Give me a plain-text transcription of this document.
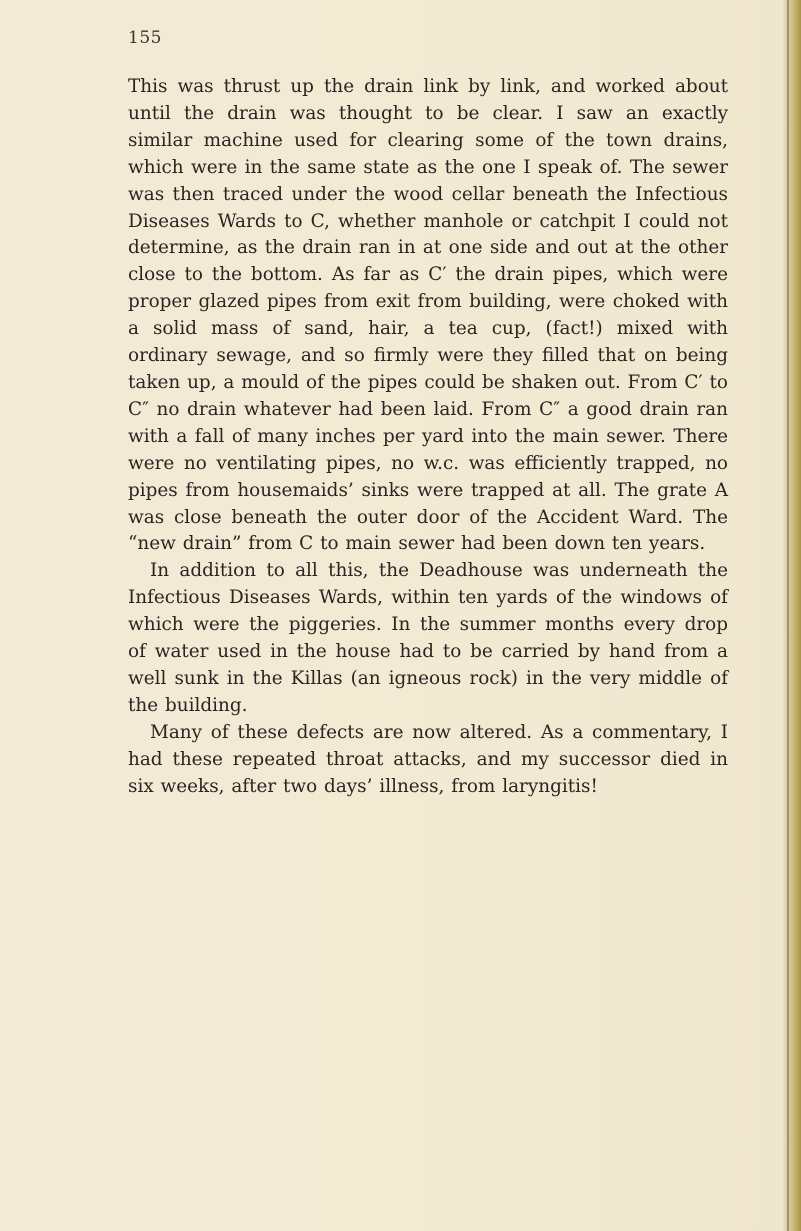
155

This was thrust up the drain link by link, and worked about until the drain was thought to be clear. I saw an exactly similar machine used for clearing some of the town drains, which were in the same state as the one I speak of. The sewer was then traced under the wood cellar beneath the Infectious Diseases Wards to C, whether manhole or catchpit I could not determine, as the drain ran in at one side and out at the other close to the bottom. As far as C′ the drain pipes, which were proper glazed pipes from exit from building, were choked with a solid mass of sand, hair, a tea cup, (fact!) mixed with ordinary sewage, and so firmly were they filled that on being taken up, a mould of the pipes could be shaken out. From C′ to C″ no drain whatever had been laid. From C″ a good drain ran with a fall of many inches per yard into the main sewer. There were no ventilating pipes, no w.c. was efficiently trapped, no pipes from housemaids’ sinks were trapped at all. The grate A was close beneath the outer door of the Accident Ward. The “new drain” from C to main sewer had been down ten years.

In addition to all this, the Deadhouse was underneath the Infectious Diseases Wards, within ten yards of the windows of which were the piggeries. In the summer months every drop of water used in the house had to be carried by hand from a well sunk in the Killas (an igneous rock) in the very middle of the building.

Many of these defects are now altered. As a commentary, I had these repeated throat attacks, and my successor died in six weeks, after two days’ illness, from laryngitis!
